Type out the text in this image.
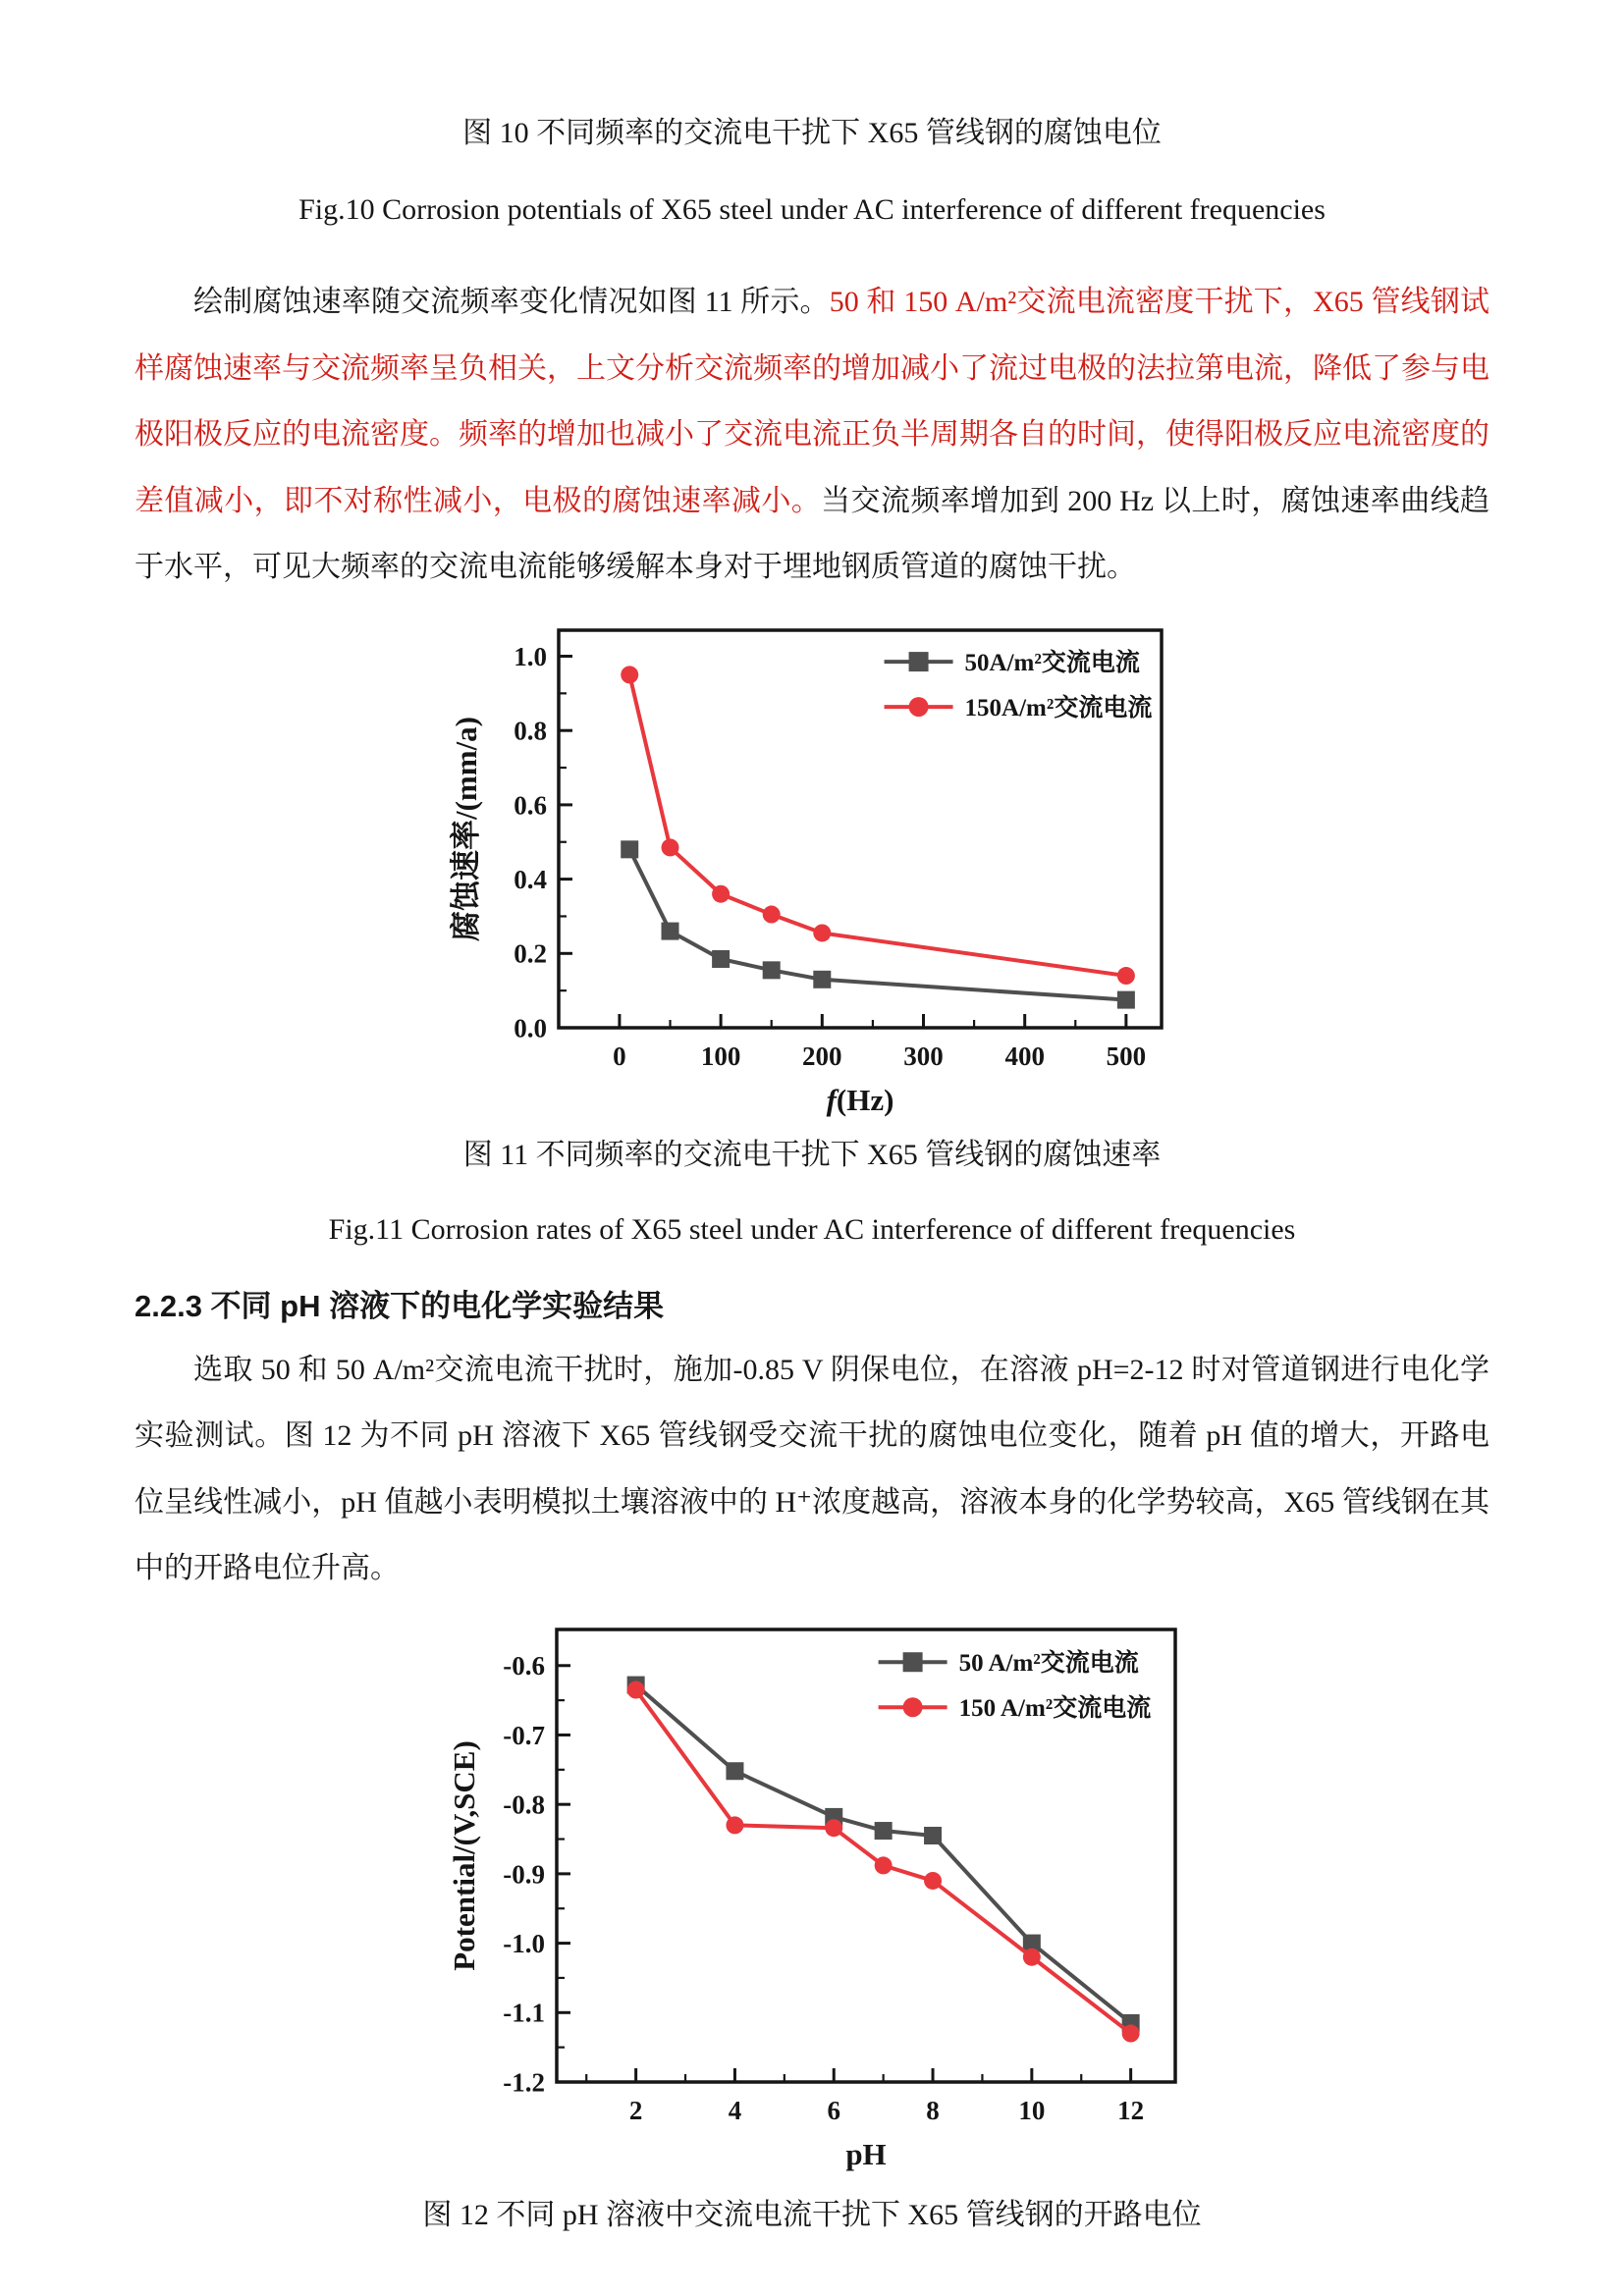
图 10 不同频率的交流电干扰下 X65 管线钢的腐蚀电位
Fig.10 Corrosion potentials of X65 steel under AC interference of different frequencies

绘制腐蚀速率随交流频率变化情况如图 11 所示。50 和 150 A/m²交流电流密度干扰下，X65 管线钢试样腐蚀速率与交流频率呈负相关，上文分析交流频率的增加减小了流过电极的法拉第电流，降低了参与电极阳极反应的电流密度。频率的增加也减小了交流电流正负半周期各自的时间，使得阳极反应电流密度的差值减小，即不对称性减小，电极的腐蚀速率减小。当交流频率增加到 200 Hz 以上时，腐蚀速率曲线趋于水平，可见大频率的交流电流能够缓解本身对于埋地钢质管道的腐蚀干扰。

0	100 200 300 400 500
0.0
0.2
0.4
0.6
0.8
1.0
f(Hz)
腐蚀速率/(mm/a)
50A/m²交流电流
150A/m²交流电流
图 11 不同频率的交流电干扰下 X65 管线钢的腐蚀速率
Fig.11 Corrosion rates of X65 steel under AC interference of different frequencies
2.2.3 不同 pH 溶液下的电化学实验结果

选取 50 和 50 A/m²交流电流干扰时，施加-0.85 V 阴保电位，在溶液 pH=2-12 时对管道钢进行电化学实验测试。图 12 为不同 pH 溶液下 X65 管线钢受交流干扰的腐蚀电位变化，随着 pH 值的增大，开路电位呈线性减小，pH 值越小表明模拟土壤溶液中的 H⁺浓度越高，溶液本身的化学势较高，X65 管线钢在其中的开路电位升高。

2	4	6	8	10	12
-0.6
-0.7
-0.8
-0.9
-1.0
-1.1
-1.2
pH
Potential/(V,SCE)
50 A/m²交流电流
150 A/m²交流电流
图 12 不同 pH 溶液中交流电流干扰下 X65 管线钢的开路电位
